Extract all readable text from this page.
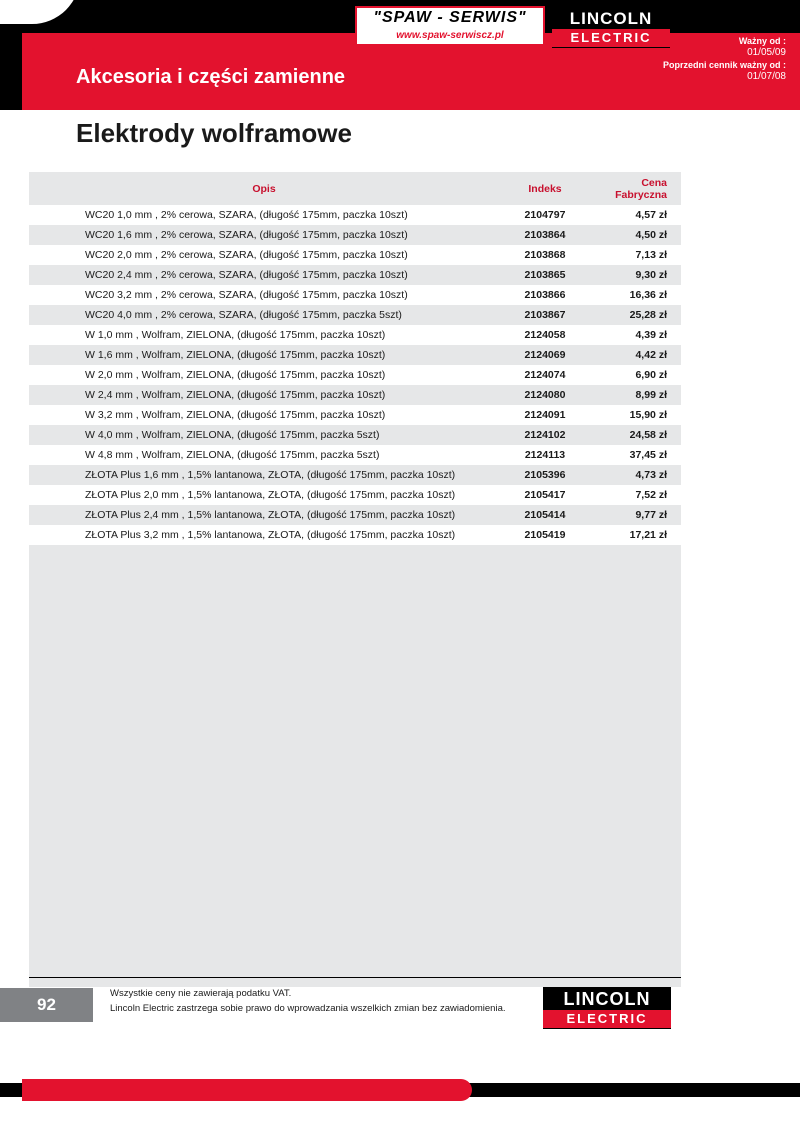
"SPAW - SERWIS"
www.spaw-serwiscz.pl
LINCOLN
ELECTRIC	Ważny od :
01/05/09
Poprzedni cennik ważny od :
01/07/08
Akcesoria i części zamienne
Elektrody wolframowe
Opis	Indeks	Cena Fabryczna
WC20 1,0 mm , 2% cerowa, SZARA, (długość 175mm, paczka 10szt)	2104797	4,57 zł
WC20 1,6 mm , 2% cerowa, SZARA, (długość 175mm, paczka 10szt)	2103864	4,50 zł
WC20 2,0 mm , 2% cerowa, SZARA, (długość 175mm, paczka 10szt)	2103868	7,13 zł
WC20 2,4 mm , 2% cerowa, SZARA, (długość 175mm, paczka 10szt)	2103865	9,30 zł
WC20 3,2 mm , 2% cerowa, SZARA, (długość 175mm, paczka 10szt)	2103866	16,36 zł
WC20 4,0 mm , 2% cerowa, SZARA, (długość 175mm, paczka 5szt)	2103867	25,28 zł
W 1,0 mm , Wolfram, ZIELONA, (długość 175mm, paczka 10szt)	2124058	4,39 zł
W 1,6 mm , Wolfram, ZIELONA, (długość 175mm, paczka 10szt)	2124069	4,42 zł
W 2,0 mm , Wolfram, ZIELONA, (długość 175mm, paczka 10szt)	2124074	6,90 zł
W 2,4 mm , Wolfram, ZIELONA, (długość 175mm, paczka 10szt)	2124080	8,99 zł
W 3,2 mm , Wolfram, ZIELONA, (długość 175mm, paczka 10szt)	2124091	15,90 zł
W 4,0 mm , Wolfram, ZIELONA, (długość 175mm, paczka 5szt)	2124102	24,58 zł
W 4,8 mm , Wolfram, ZIELONA, (długość 175mm, paczka 5szt)	2124113	37,45 zł
ZŁOTA Plus 1,6 mm , 1,5% lantanowa, ZŁOTA, (długość 175mm, paczka 10szt)	2105396	4,73 zł
ZŁOTA Plus 2,0 mm , 1,5% lantanowa, ZŁOTA, (długość 175mm, paczka 10szt)	2105417	7,52 zł
ZŁOTA Plus 2,4 mm , 1,5% lantanowa, ZŁOTA, (długość 175mm, paczka 10szt)	2105414	9,77 zł
ZŁOTA Plus 3,2 mm , 1,5% lantanowa, ZŁOTA, (długość 175mm, paczka 10szt)	2105419	17,21 zł
92
Wszystkie ceny nie zawierają podatku VAT.
Lincoln Electric zastrzega sobie prawo do wprowadzania wszelkich zmian bez zawiadomienia.	LINCOLN
ELECTRIC
